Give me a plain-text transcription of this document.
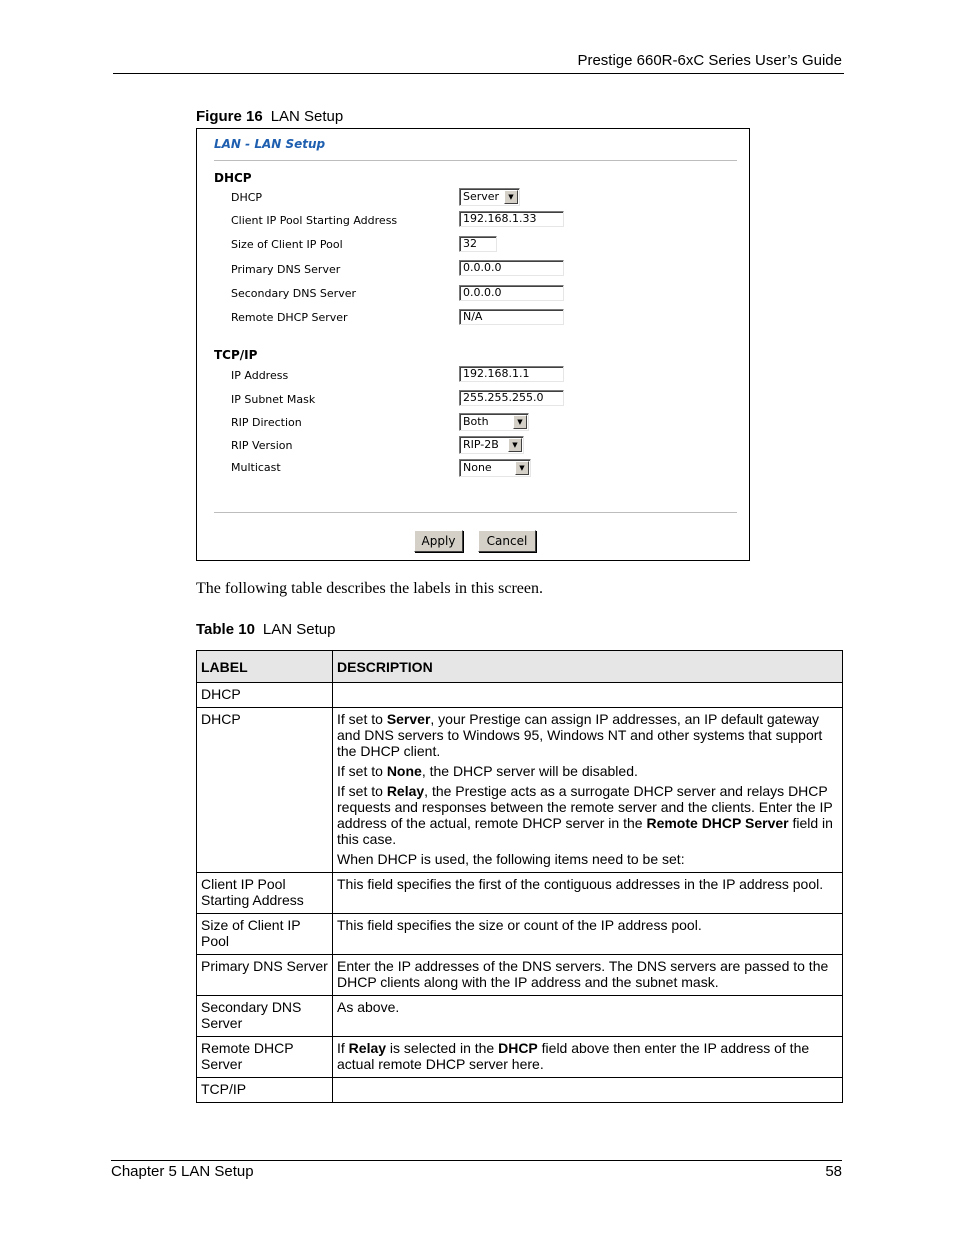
Prestige 660R-6xC Series User’s Guide
Figure 16 LAN Setup
LAN - LAN Setup
DHCP
DHCP	Server	▼
Client IP Pool Starting Address	192.168.1.33
Size of Client IP Pool	32
Primary DNS Server	0.0.0.0
Secondary DNS Server	0.0.0.0
Remote DHCP Server	N/A
TCP/IP
IP Address	192.168.1.1
IP Subnet Mask	255.255.255.0
RIP Direction	Both	▼
RIP Version	RIP-2B	▼
Multicast	None	▼
Apply	Cancel
The following table describes the labels in this screen.
Table 10 LAN Setup
LABEL	DESCRIPTION
DHCP	
DHCP	If set to Server, your Prestige can assign IP addresses, an IP default gateway and DNS servers to Windows 95, Windows NT and other systems that support the DHCP client.

If set to None, the DHCP server will be disabled.

If set to Relay, the Prestige acts as a surrogate DHCP server and relays DHCP requests and responses between the remote server and the clients. Enter the IP address of the actual, remote DHCP server in the Remote DHCP Server field in this case.

When DHCP is used, the following items need to be set:

Client IP Pool Starting Address	This field specifies the first of the contiguous addresses in the IP address pool.
Size of Client IP Pool	This field specifies the size or count of the IP address pool.
Primary DNS Server	Enter the IP addresses of the DNS servers. The DNS servers are passed to the DHCP clients along with the IP address and the subnet mask.
Secondary DNS Server	As above.
Remote DHCP Server	If Relay is selected in the DHCP field above then enter the IP address of the actual remote DHCP server here.
TCP/IP	
Chapter 5 LAN Setup	58
